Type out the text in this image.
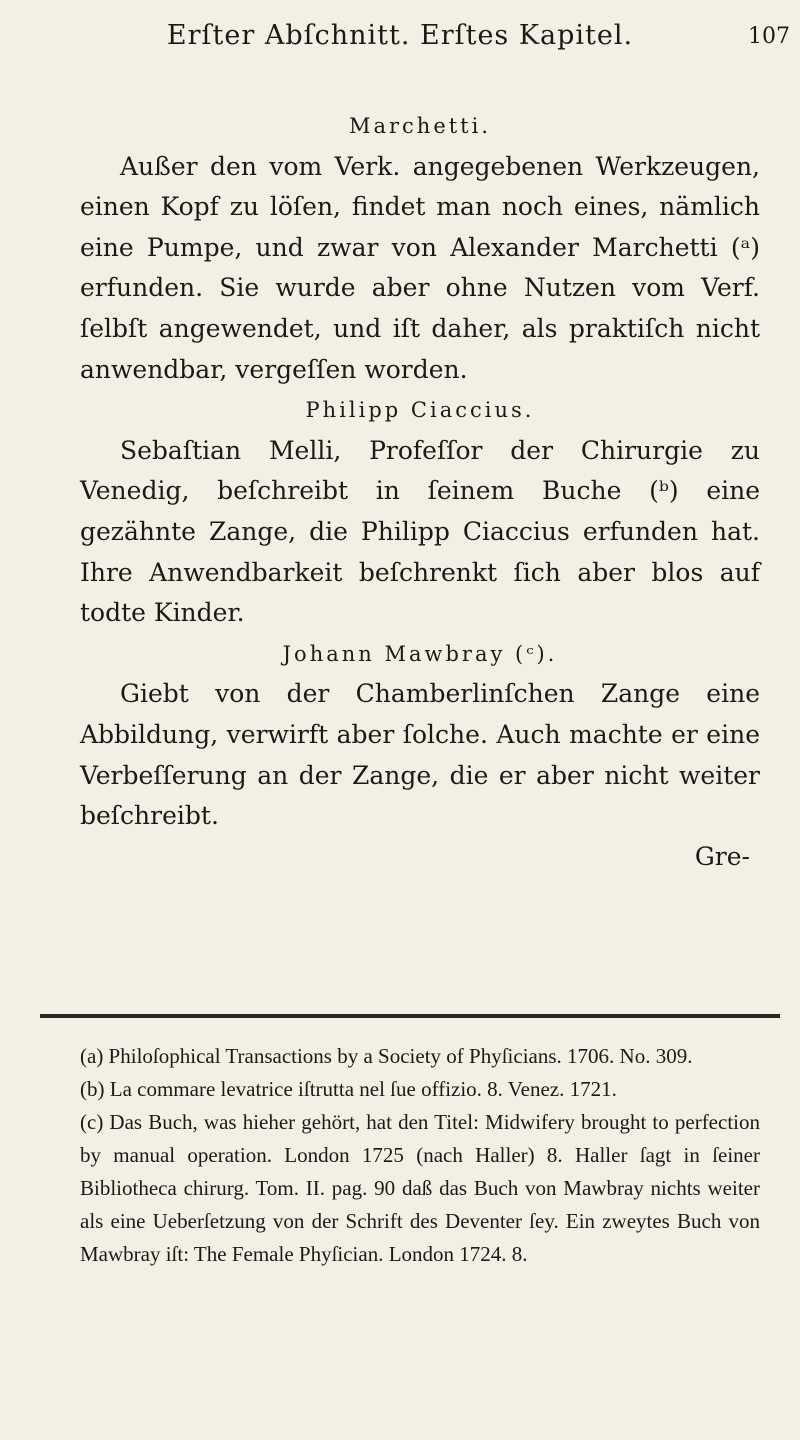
Erſter Abſchnitt. Erſtes Kapitel.	107
Marchetti.

Außer den vom Verk. angegebenen Werkzeugen, einen Kopf zu löſen, findet man noch eines, nämlich eine Pumpe, und zwar von Alexander Marchetti (ᵃ) erfunden. Sie wurde aber ohne Nutzen vom Verf. ſelbſt angewendet, und iſt daher, als praktiſch nicht anwendbar, vergeſſen worden.

Philipp Ciaccius.

Sebaſtian Melli, Profeſſor der Chirurgie zu Venedig, beſchreibt in ſeinem Buche (ᵇ) eine gezähnte Zange, die Philipp Ciaccius erfunden hat. Ihre Anwendbarkeit beſchrenkt ſich aber blos auf todte Kinder.

Johann Mawbray (ᶜ).

Giebt von der Chamberlinſchen Zange eine Abbildung, verwirft aber ſolche. Auch machte er eine Verbeſſerung an der Zange, die er aber nicht weiter beſchreibt.

Gre-

(a) Philoſophical Transactions by a Society of Phyſicians. 1706. No. 309.

(b) La commare levatrice iſtrutta nel ſue offizio. 8. Venez. 1721.

(c) Das Buch, was hieher gehört, hat den Titel: Midwifery brought to perfection by manual operation. London 1725 (nach Haller) 8. Haller ſagt in ſeiner Bibliotheca chirurg. Tom. II. pag. 90 daß das Buch von Mawbray nichts weiter als eine Ueberſetzung von der Schrift des Deventer ſey. Ein zweytes Buch von Mawbray iſt: The Female Phyſician. London 1724. 8.
